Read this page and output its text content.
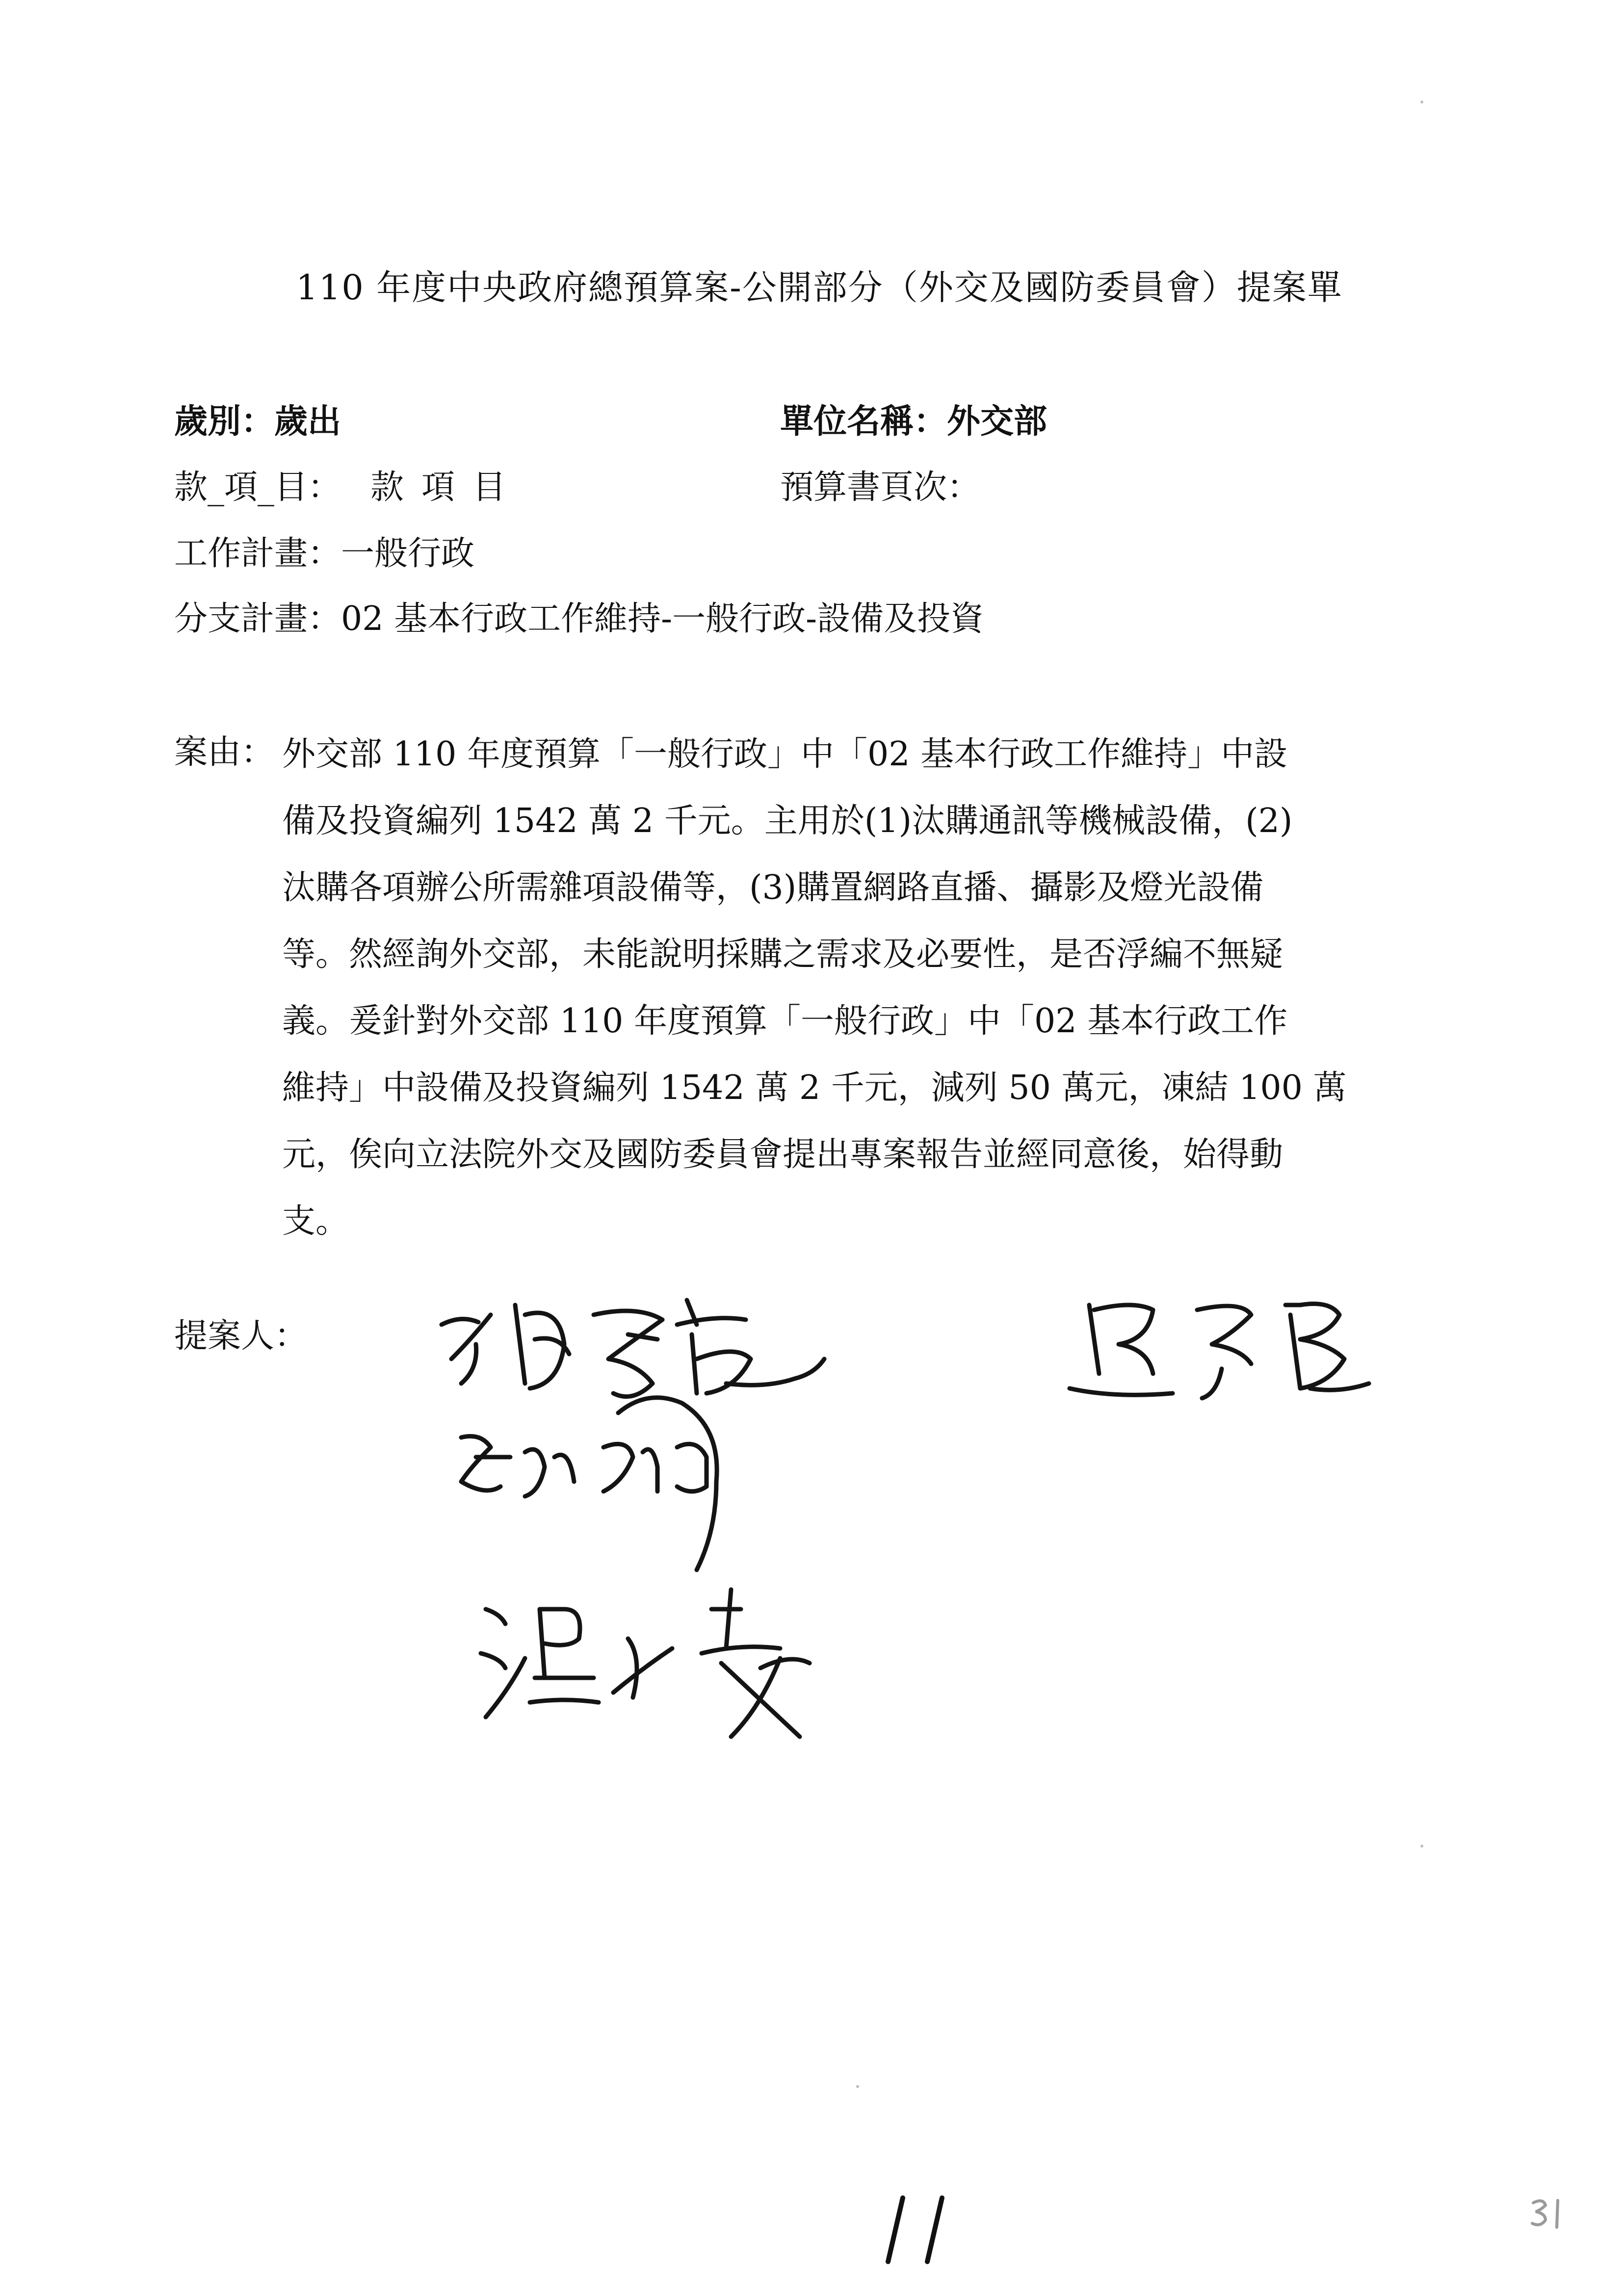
110 年度中央政府總預算案-公開部分（外交及國防委員會）提案單
歲別：歲出	單位名稱：外交部
款_項_目： 款項目	預算書頁次：
工作計畫：一般行政
分支計畫：02 基本行政工作維持-一般行政-設備及投資
案由： 外交部 110 年度預算「一般行政」中「02 基本行政工作維持」中設

備及投資編列 1542 萬 2 千元。主用於(1)汰購通訊等機械設備，(2)

汰購各項辦公所需雜項設備等，(3)購置網路直播、攝影及燈光設備

等。然經詢外交部，未能說明採購之需求及必要性，是否浮編不無疑

義。爰針對外交部 110 年度預算「一般行政」中「02 基本行政工作

維持」中設備及投資編列 1542 萬 2 千元，減列 50 萬元，凍結 100 萬

元，俟向立法院外交及國防委員會提出專案報告並經同意後，始得動

支。

提案人：
